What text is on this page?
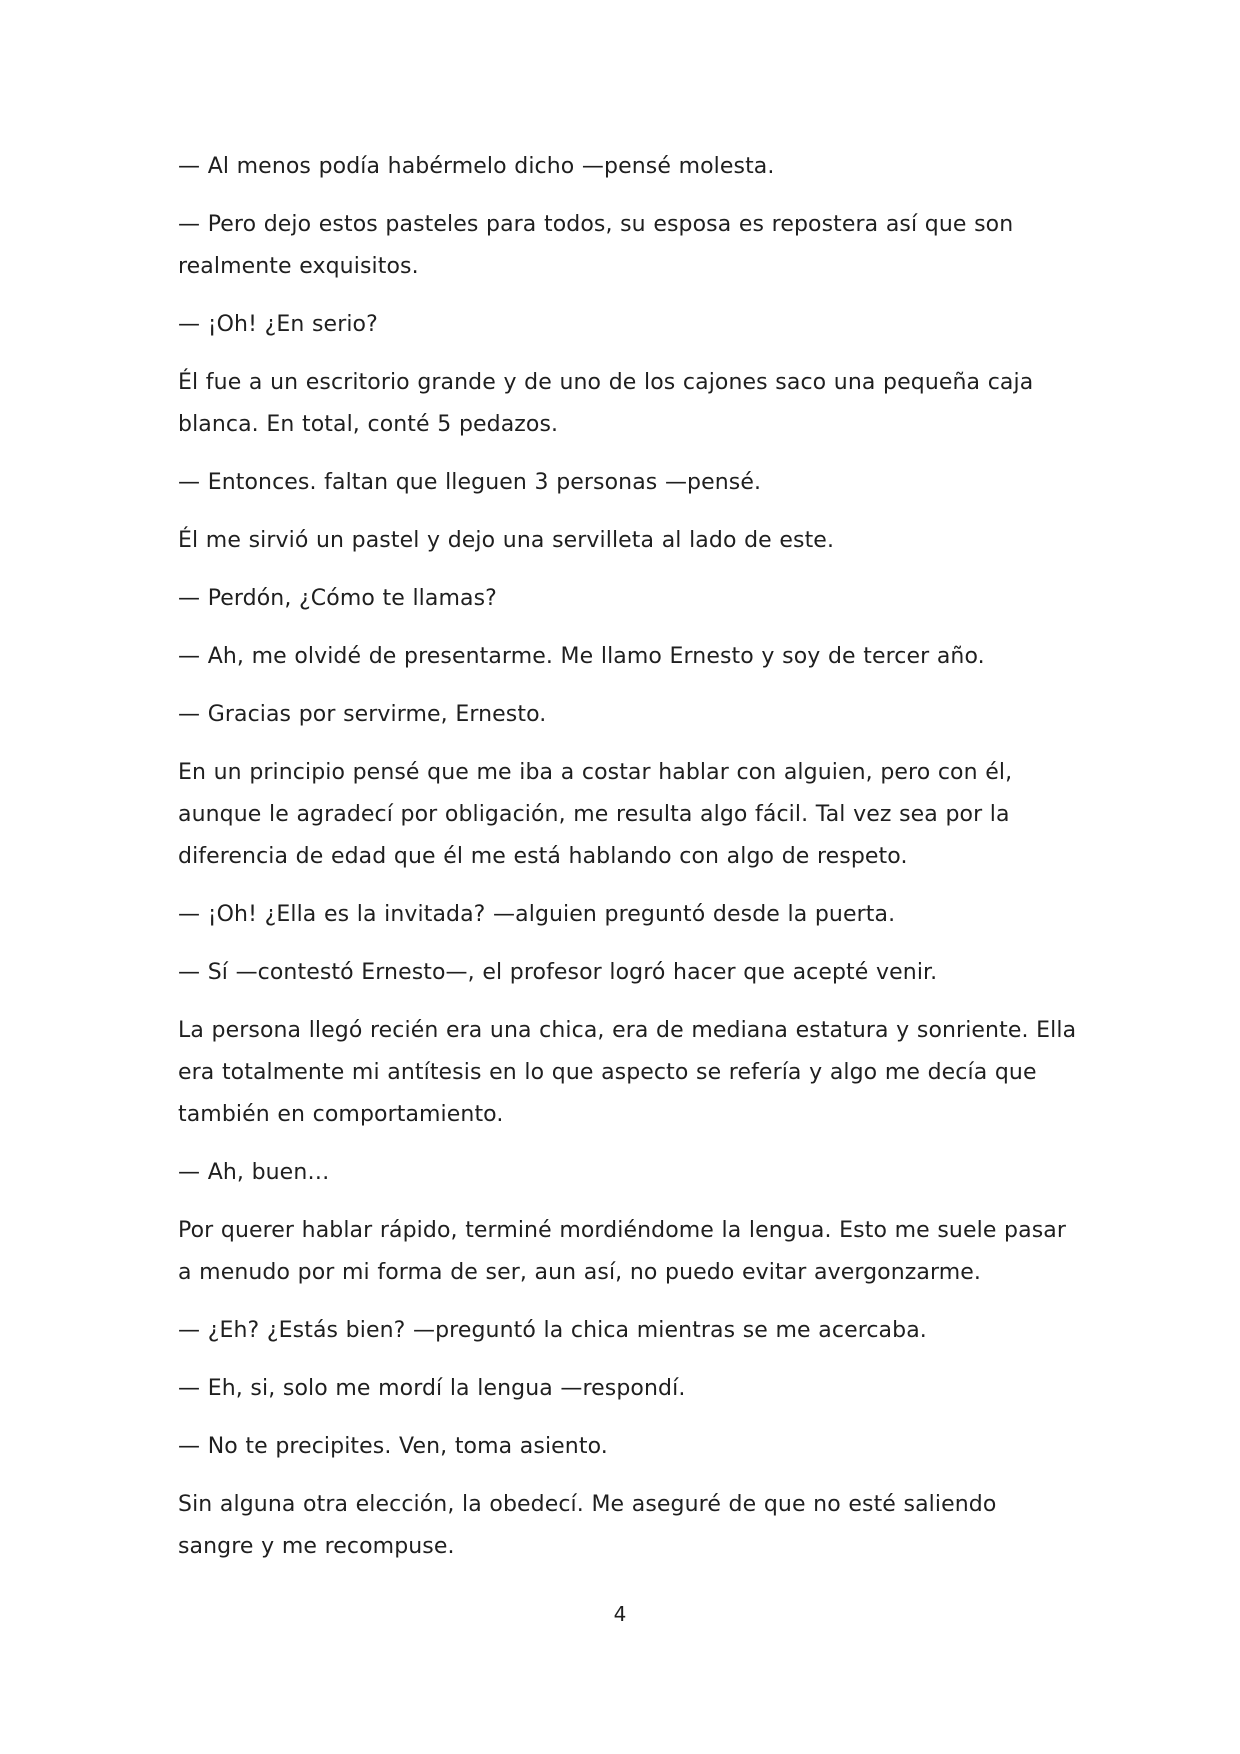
— Al menos podía habérmelo dicho —pensé molesta.

— Pero dejo estos pasteles para todos, su esposa es repostera así que son realmente exquisitos.

— ¡Oh! ¿En serio?

Él fue a un escritorio grande y de uno de los cajones saco una pequeña caja blanca. En total, conté 5 pedazos.

— Entonces. faltan que lleguen 3 personas —pensé.

Él me sirvió un pastel y dejo una servilleta al lado de este.

— Perdón, ¿Cómo te llamas?

— Ah, me olvidé de presentarme. Me llamo Ernesto y soy de tercer año.

— Gracias por servirme, Ernesto.

En un principio pensé que me iba a costar hablar con alguien, pero con él, aunque le agradecí por obligación, me resulta algo fácil. Tal vez sea por la diferencia de edad que él me está hablando con algo de respeto.

— ¡Oh! ¿Ella es la invitada? —alguien preguntó desde la puerta.

— Sí —contestó Ernesto—, el profesor logró hacer que acepté venir.

La persona llegó recién era una chica, era de mediana estatura y sonriente. Ella era totalmente mi antítesis en lo que aspecto se refería y algo me decía que también en comportamiento.

— Ah, buen…

Por querer hablar rápido, terminé mordiéndome la lengua. Esto me suele pasar a menudo por mi forma de ser, aun así, no puedo evitar avergonzarme.

— ¿Eh? ¿Estás bien? —preguntó la chica mientras se me acercaba.

— Eh, si, solo me mordí la lengua —respondí.

— No te precipites. Ven, toma asiento.

Sin alguna otra elección, la obedecí. Me aseguré de que no esté saliendo sangre y me recompuse.

4
